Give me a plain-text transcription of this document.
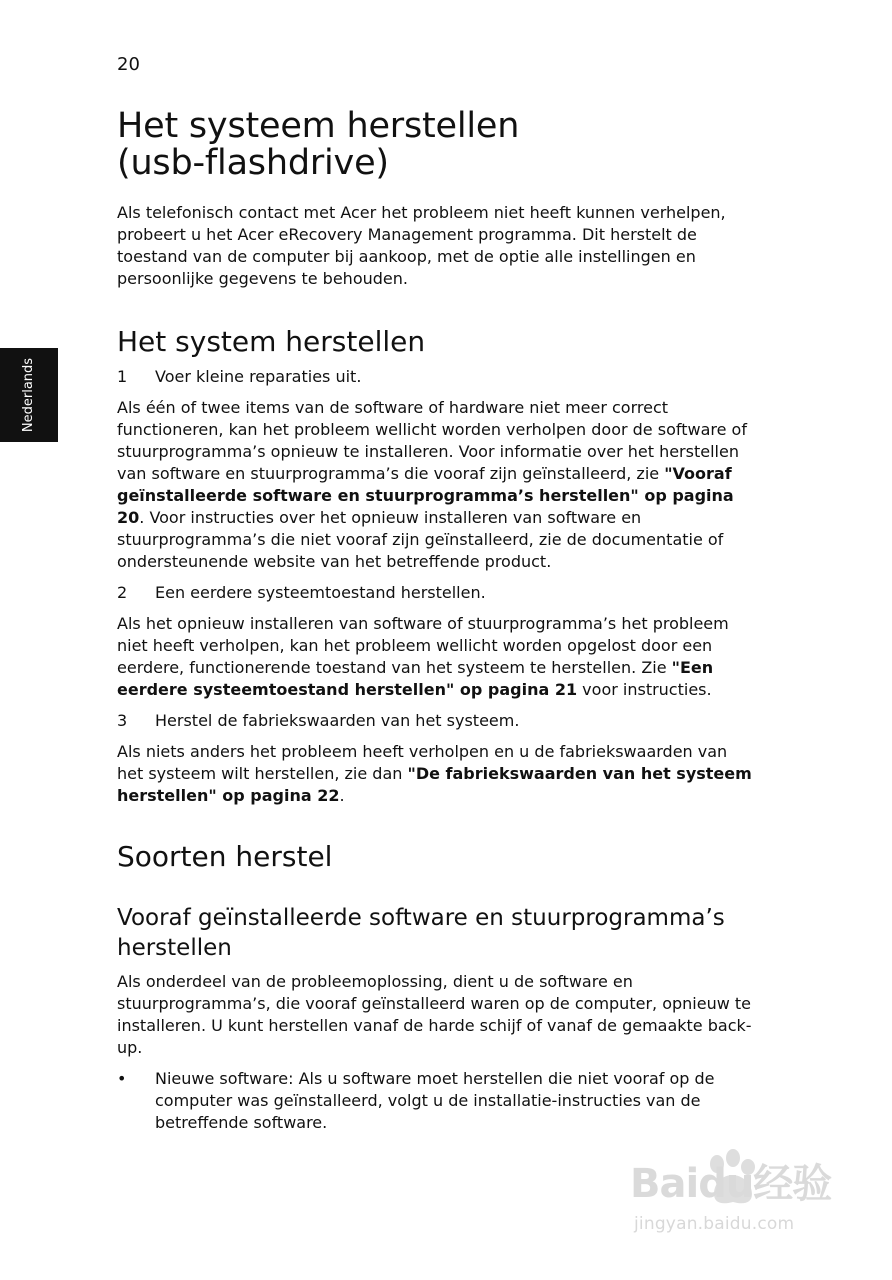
20
Nederlands
Het systeem herstellen
(usb-flashdrive)

Als telefonisch contact met Acer het probleem niet heeft kunnen verhelpen, probeert u het Acer eRecovery Management programma. Dit herstelt de toestand van de computer bij aankoop, met de optie alle instellingen en persoonlijke gegevens te behouden.

Het system herstellen
1	Voer kleine reparaties uit.

Als één of twee items van de software of hardware niet meer correct functioneren, kan het probleem wellicht worden verholpen door de software of stuurprogramma’s opnieuw te installeren. Voor informatie over het herstellen van software en stuurprogramma’s die vooraf zijn geïnstalleerd, zie "Vooraf geïnstalleerde software en stuurprogramma’s herstellen" op pagina 20. Voor instructies over het opnieuw installeren van software en stuurprogramma’s die niet vooraf zijn geïnstalleerd, zie de documentatie of ondersteunende website van het betreffende product.

2	Een eerdere systeemtoestand herstellen.

Als het opnieuw installeren van software of stuurprogramma’s het probleem niet heeft verholpen, kan het probleem wellicht worden opgelost door een eerdere, functionerende toestand van het systeem te herstellen. Zie "Een eerdere systeemtoestand herstellen" op pagina 21 voor instructies.

3	Herstel de fabriekswaarden van het systeem.

Als niets anders het probleem heeft verholpen en u de fabriekswaarden van het systeem wilt herstellen, zie dan "De fabriekswaarden van het systeem herstellen" op pagina 22.

Soorten herstel
Vooraf geïnstalleerde software en stuurprogramma’s herstellen

Als onderdeel van de probleemoplossing, dient u de software en stuurprogramma’s, die vooraf geïnstalleerd waren op de computer, opnieuw te installeren. U kunt herstellen vanaf de harde schijf of vanaf de gemaakte back-up.

•	Nieuwe software: Als u software moet herstellen die niet vooraf op de computer was geïnstalleerd, volgt u de installatie-instructies van de betreffende software.
Baidu经验
jingyan.baidu.com
